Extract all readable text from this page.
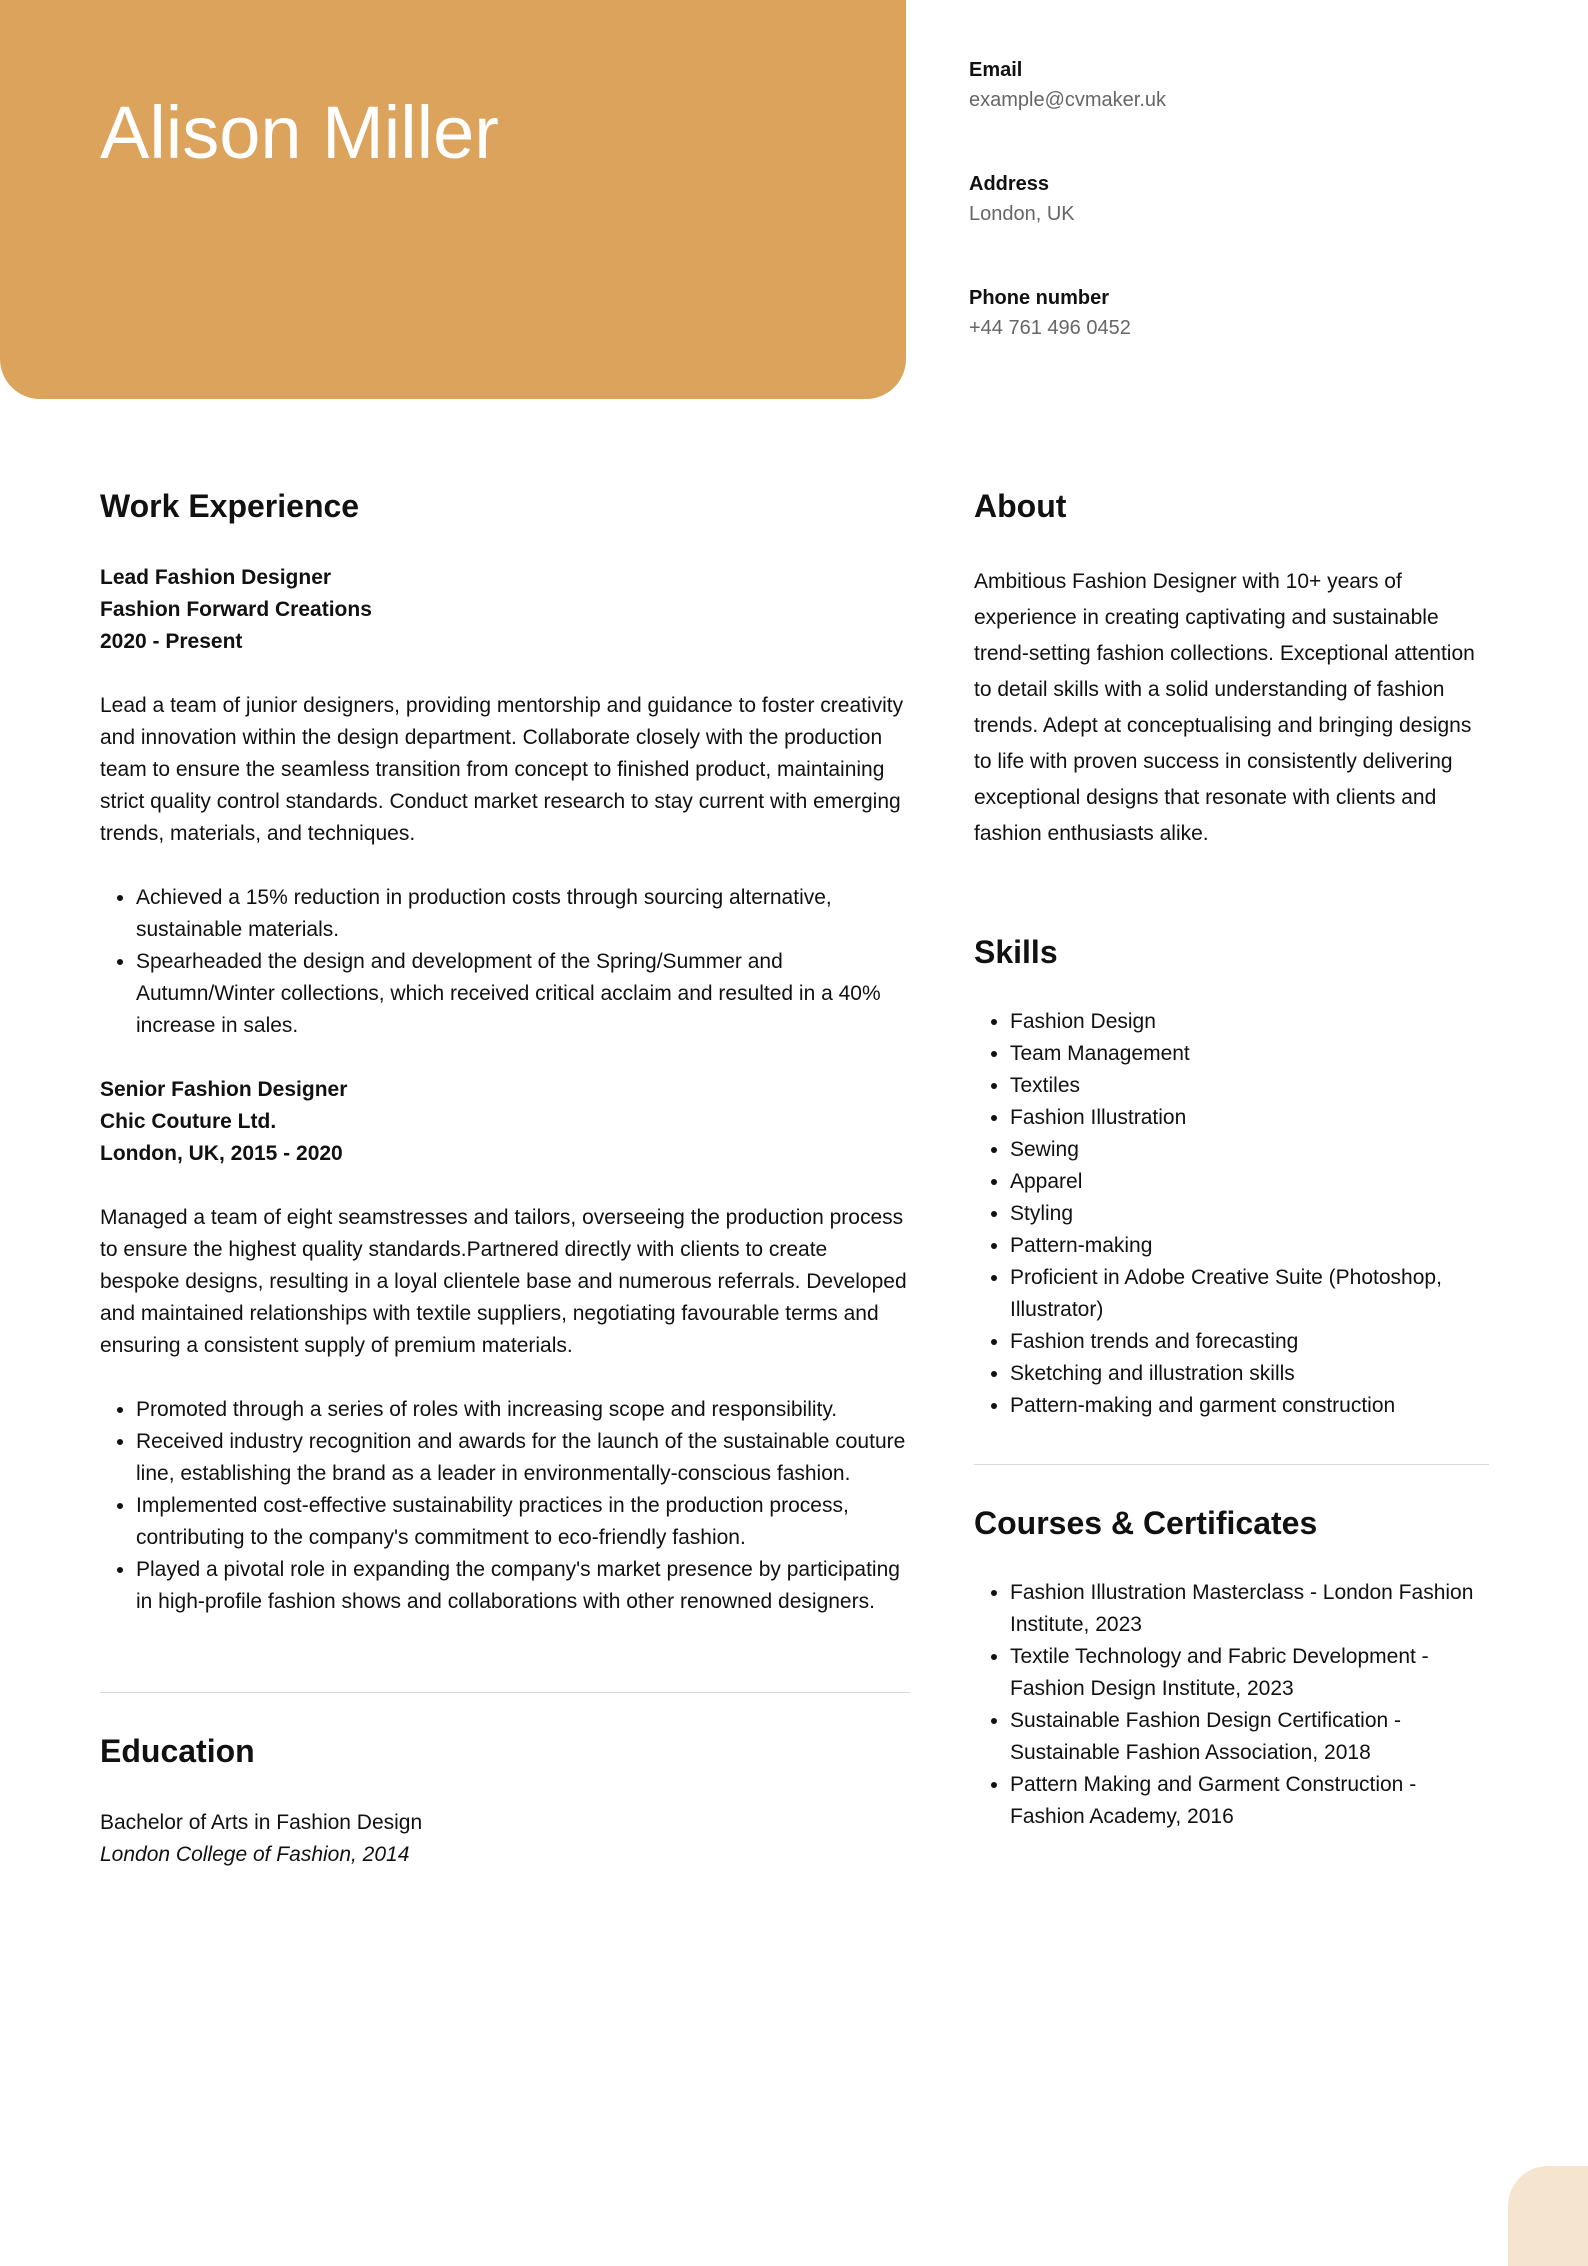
Alison Miller
Email
example@cvmaker.uk
Address
London, UK
Phone number
+44 761 496 0452
Work Experience
Lead Fashion Designer
Fashion Forward Creations
2020 - Present

Lead a team of junior designers, providing mentorship and guidance to foster creativity and innovation within the design department. Collaborate closely with the production team to ensure the seamless transition from concept to finished product, maintaining strict quality control standards. Conduct market research to stay current with emerging trends, materials, and techniques.

• Achieved a 15% reduction in production costs through sourcing alternative, sustainable materials.
• Spearheaded the design and development of the Spring/Summer and Autumn/Winter collections, which received critical acclaim and resulted in a 40% increase in sales.
Senior Fashion Designer
Chic Couture Ltd.
London, UK, 2015 - 2020

Managed a team of eight seamstresses and tailors, overseeing the production process to ensure the highest quality standards.Partnered directly with clients to create bespoke designs, resulting in a loyal clientele base and numerous referrals. Developed and maintained relationships with textile suppliers, negotiating favourable terms and ensuring a consistent supply of premium materials.

• Promoted through a series of roles with increasing scope and responsibility.
• Received industry recognition and awards for the launch of the sustainable couture line, establishing the brand as a leader in environmentally-conscious fashion.
• Implemented cost-effective sustainability practices in the production process, contributing to the company's commitment to eco-friendly fashion.
• Played a pivotal role in expanding the company's market presence by participating in high-profile fashion shows and collaborations with other renowned designers.
Education
Bachelor of Arts in Fashion Design
London College of Fashion, 2014
About

Ambitious Fashion Designer with 10+ years of experience in creating captivating and sustainable trend-setting fashion collections. Exceptional attention to detail skills with a solid understanding of fashion trends. Adept at conceptualising and bringing designs to life with proven success in consistently delivering exceptional designs that resonate with clients and fashion enthusiasts alike.

Skills
• Fashion Design
• Team Management
• Textiles
• Fashion Illustration
• Sewing
• Apparel
• Styling
• Pattern-making
• Proficient in Adobe Creative Suite (Photoshop, Illustrator)
• Fashion trends and forecasting
• Sketching and illustration skills
• Pattern-making and garment construction
Courses & Certificates
• Fashion Illustration Masterclass - London Fashion Institute, 2023
• Textile Technology and Fabric Development - Fashion Design Institute, 2023
• Sustainable Fashion Design Certification - Sustainable Fashion Association, 2018
• Pattern Making and Garment Construction - Fashion Academy, 2016
